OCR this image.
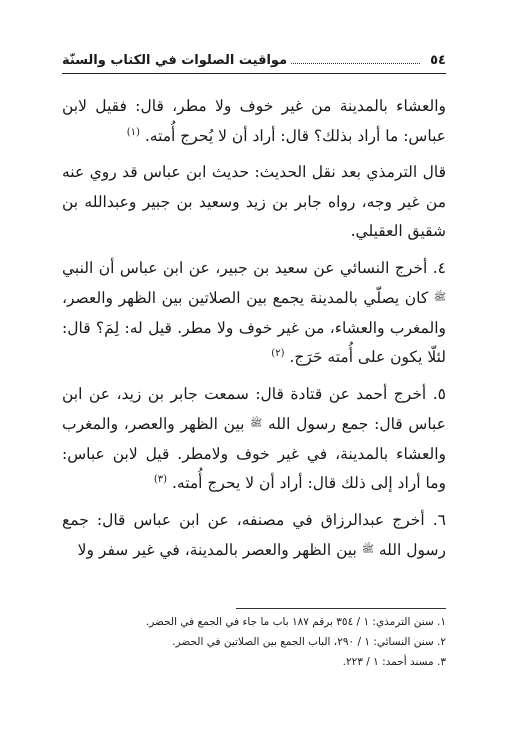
٥٤
مواقيت الصلوات في الكتاب والسنّة

والعشاء بالمدينة من غير خوف ولا مطر، قال: فقيل لابن عباس: ما أراد بذلك؟ قال: أراد أن لا يُحرج أُمته. $^{(١)}$

قال الترمذي بعد نقل الحديث: حديث ابن عباس قد روي عنه من غير وجه، رواه جابر بن زيد وسعيد بن جبير وعبدالله بن شقيق العقيلي.

٤. أخرج النسائي عن سعيد بن جبير، عن ابن عباس أن النبي ﷺ كان يصلّي بالمدينة يجمع بين الصلاتين بين الظهر والعصر، والمغرب والعشاء، من غير خوف ولا مطر. قيل له: لِمَ؟ قال: لئلّا يكون على أُمته حَرَج. $^{(٢)}$

٥. أخرج أحمد عن قتادة قال: سمعت جابر بن زيد، عن ابن عباس قال: جمع رسول الله ﷺ بين الظهر والعصر، والمغرب والعشاء بالمدينة، في غير خوف ولامطر. قيل لابن عباس: وما أراد إلى ذلك قال: أراد أن لا يحرج أُمته. $^{(٣)}$

٦. أخرج عبدالرزاق في مصنفه، عن ابن عباس قال: جمع رسول الله ﷺ بين الظهر والعصر بالمدينة، في غير سفر ولا

١. سنن الترمذي: ١ / ٣٥٤ برقم ١٨٧ باب ما جاء في الجمع في الحضر.
٢. سنن النسائي: ١ / ٢٩٠، الباب الجمع بين الصلاتين في الحضر.
٣. مسند أحمد: ١ / ٢٢٣.
